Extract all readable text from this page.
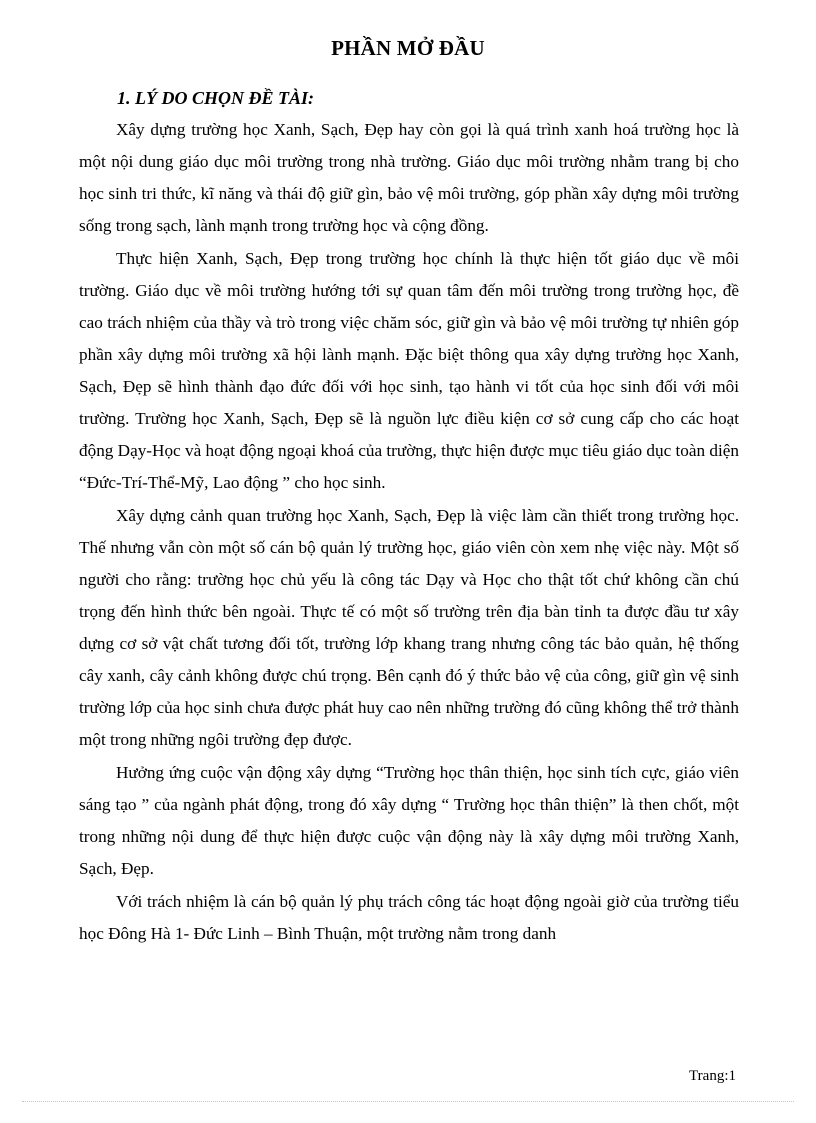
PHẦN MỞ ĐẦU
1. LÝ DO CHỌN ĐỀ TÀI:

Xây dựng trường học Xanh, Sạch, Đẹp hay còn gọi là quá trình xanh hoá trường học là một nội dung giáo dục môi trường trong nhà trường. Giáo dục môi trường nhằm trang bị cho học sinh tri thức, kĩ năng và thái độ giữ gìn, bảo vệ môi trường, góp phần xây dựng môi trường sống trong sạch, lành mạnh trong trường học và cộng đồng.

Thực hiện Xanh, Sạch, Đẹp trong trường học chính là thực hiện tốt giáo dục về môi trường. Giáo dục về môi trường hướng tới sự quan tâm đến môi trường trong trường học, đề cao trách nhiệm của thầy và trò trong việc chăm sóc, giữ gìn và bảo vệ môi trường tự nhiên góp phần xây dựng môi trường xã hội lành mạnh. Đặc biệt thông qua xây dựng trường học Xanh, Sạch, Đẹp sẽ hình thành đạo đức đối với học sinh, tạo hành vi tốt của học sinh đối với môi trường. Trường học Xanh, Sạch, Đẹp sẽ là nguồn lực điều kiện cơ sở cung cấp cho các hoạt động Dạy-Học và hoạt động ngoại khoá của trường, thực hiện được mục tiêu giáo dục toàn diện “Đức-Trí-Thể-Mỹ, Lao động ” cho học sinh.

Xây dựng cảnh quan trường học Xanh, Sạch, Đẹp là việc làm cần thiết trong trường học. Thế nhưng vẫn còn một số cán bộ quản lý trường học, giáo viên còn xem nhẹ việc này. Một số người cho rằng: trường học chủ yếu là công tác Dạy và Học cho thật tốt chứ không cần chú trọng đến hình thức bên ngoài. Thực tế có một số trường trên địa bàn tỉnh ta được đầu tư xây dựng cơ sở vật chất tương đối tốt, trường lớp khang trang nhưng công tác bảo quản, hệ thống cây xanh, cây cảnh không được chú trọng. Bên cạnh đó ý thức bảo vệ của công, giữ gìn vệ sinh trường lớp của học sinh chưa được phát huy cao nên những trường đó cũng không thể trở thành một trong những ngôi trường đẹp được.

Hưởng ứng cuộc vận động xây dựng “Trường học thân thiện, học sinh tích cực, giáo viên sáng tạo ” của ngành phát động, trong đó xây dựng “ Trường học thân thiện” là then chốt, một trong những nội dung để thực hiện được cuộc vận động này là xây dựng môi trường Xanh, Sạch, Đẹp.

Với trách nhiệm là cán bộ quản lý phụ trách công tác hoạt động ngoài giờ của trường tiểu học Đông Hà 1- Đức Linh – Bình Thuận, một trường nằm trong danh

Trang:1
